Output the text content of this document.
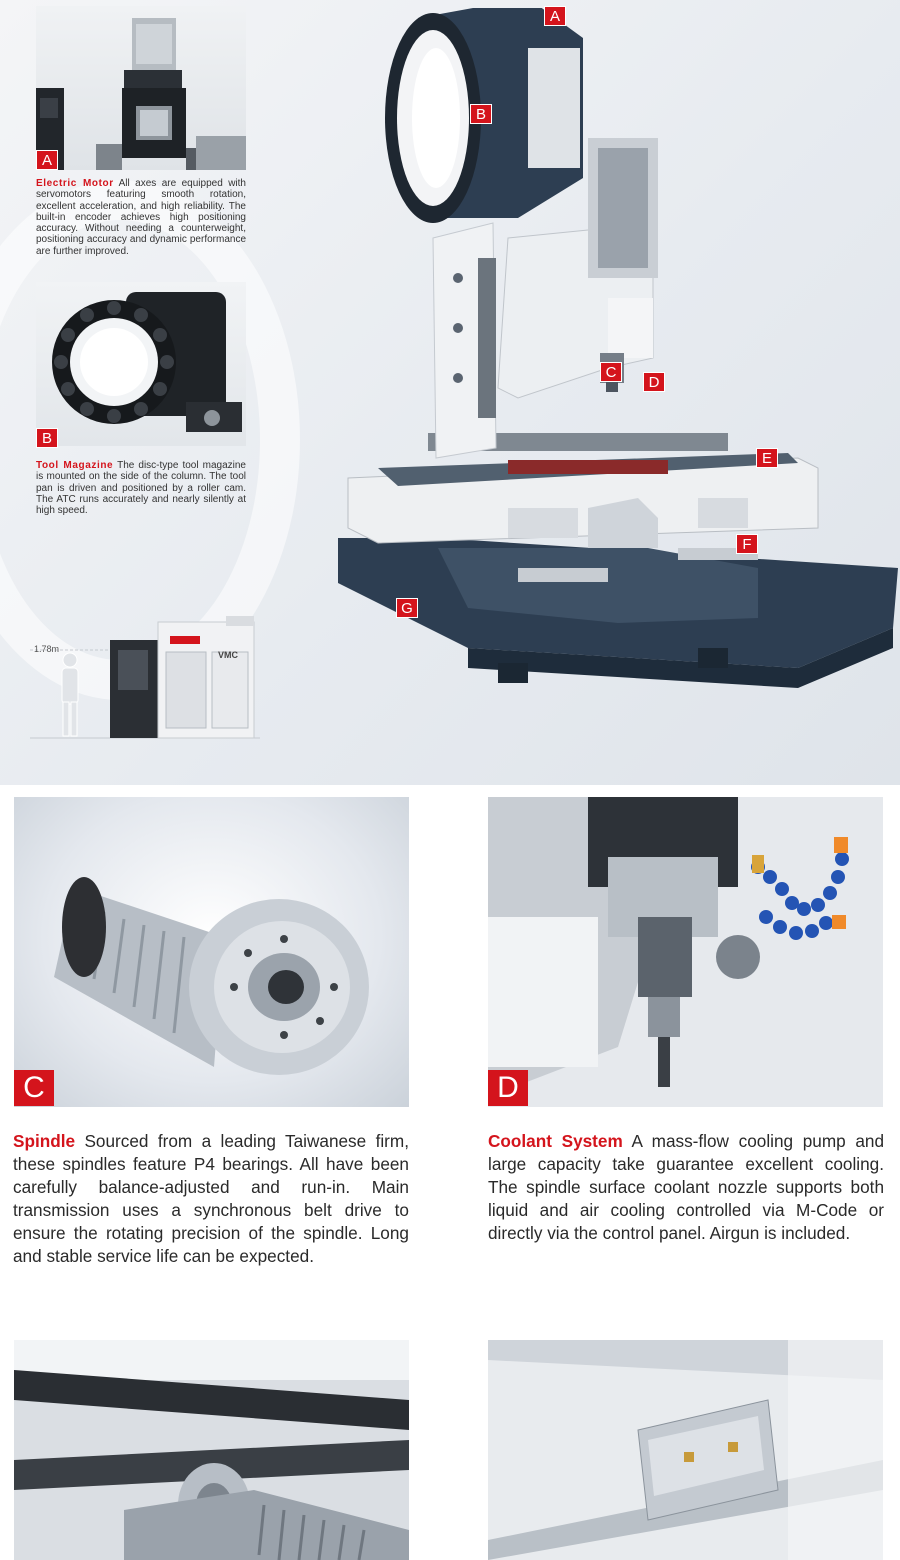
A

Electric Motor All axes are equipped with servomotors featuring smooth rotation, excellent acceleration, and high reliability. The built-in encoder achieves high positioning accuracy. Without needing a counterweight, positioning accuracy and dynamic performance are further improved.

B

Tool Magazine The disc-type tool magazine is mounted on the side of the column. The tool pan is driven and positioned by a roller cam. The ATC runs accurately and nearly silently at high speed.

1.78m
VMC
A
B
C
D
E
F
G
C

Spindle Sourced from a leading Taiwanese firm, these spindles feature P4 bearings. All have been carefully balance-adjusted and run-in. Main transmission uses a synchronous belt drive to ensure the rotating precision of the spindle. Long and stable service life can be expected.

D

Coolant System A mass-flow cooling pump and large capacity take guarantee excellent cooling. The spindle surface coolant nozzle supports both liquid and air cooling controlled via M-Code or directly via the control panel. Airgun is included.
